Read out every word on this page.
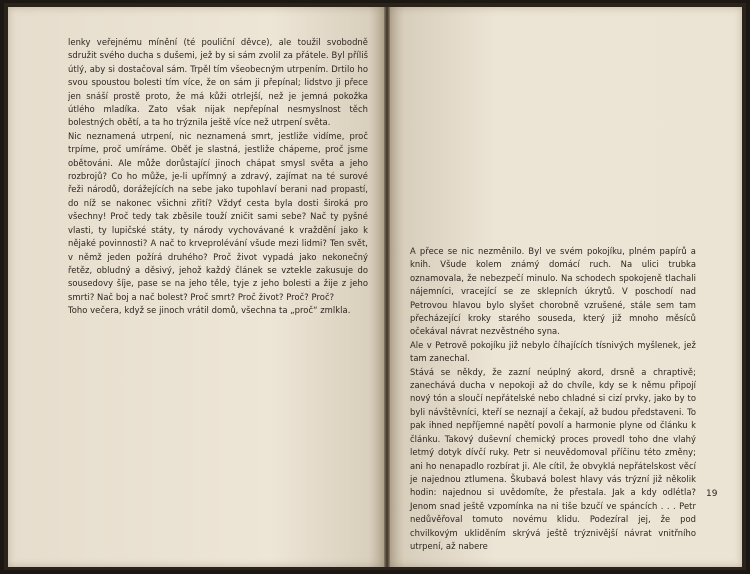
lenky veřejnému mínění (té pouliční děvce), ale toužil svobodně sdružit svého ducha s dušemi, jež by si sám zvolil za přátele. Byl příliš útlý, aby si dostačoval sám. Trpěl tím všeobecným utrpením. Drtilo ho svou spoustou bolesti tím více, že on sám ji přepínal; lidstvo ji přece jen snáší prostě proto, že má kůži otrlejší, než je jemná pokožka útlého mladíka. Zato však nijak nepřepínal nesmyslnost těch bolestných obětí, a ta ho trýznila ještě více než utrpení světa.

Nic neznamená utrpení, nic neznamená smrt, jestliže vidíme, proč trpíme, proč umíráme. Oběť je slastná, jestliže chápeme, proč jsme obětováni. Ale může dorůstající jinoch chápat smysl světa a jeho rozbrojů? Co ho může, je-li upřímný a zdravý, zajímat na té surové řeži národů, dorážejících na sebe jako tupohlaví berani nad propastí, do níž se nakonec všichni zřití? Vždyť cesta byla dosti široká pro všechny! Proč tedy tak zběsile touží zničit sami sebe? Nač ty pyšné vlasti, ty lupičské státy, ty národy vychovávané k vraždění jako k nějaké povinnosti? A nač to krveprolévání všude mezi lidmi? Ten svět, v němž jeden požírá druhého? Proč život vypadá jako nekonečný řetěz, obludný a děsivý, jehož každý článek se vztekle zakusuje do sousedovy šíje, pase se na jeho těle, tyje z jeho bolesti a žije z jeho smrti? Nač boj a nač bolest? Proč smrt? Proč život? Proč? Proč?

Toho večera, když se jinoch vrátil domů, všechna ta „proč“ zmlkla.

A přece se nic nezměnilo. Byl ve svém pokojíku, plném papírů a knih. Všude kolem známý domácí ruch. Na ulici trubka oznamovala, že nebezpečí minulo. Na schodech spokojeně tlachali nájemníci, vracející se ze sklepních úkrytů. V poschodí nad Petrovou hlavou bylo slyšet chorobně vzrušené, stále sem tam přecházející kroky starého souseda, který již mnoho měsíců očekával návrat nezvěstného syna.

Ale v Petrově pokojíku již nebylo číhajících tísnivých myšlenek, jež tam zanechal.

Stává se někdy, že zazní neúplný akord, drsně a chraptivě; zanechává ducha v nepokoji až do chvíle, kdy se k němu připojí nový tón a sloučí nepřátelské nebo chladné si cizí prvky, jako by to byli návštěvníci, kteří se neznají a čekají, až budou představeni. To pak ihned nepříjemné napětí povolí a harmonie plyne od článku k článku. Takový duševní chemický proces provedl toho dne vlahý letmý dotyk dívčí ruky. Petr si neuvědomoval příčinu této změny; ani ho nenapadlo rozbírat ji. Ale cítil, že obvyklá nepřátelskost věcí je najednou ztlumena. Škubavá bolest hlavy vás trýzní již několik hodin: najednou si uvědomíte, že přestala. Jak a kdy odlétla? Jenom snad ještě vzpomínka na ni tiše bzučí ve spáncích . . . Petr nedůvěřoval tomuto novému klidu. Podezíral jej, že pod chvilkovým ukliděním skrývá ještě trýznivější návrat vnitřního utrpení, až nabere

19
